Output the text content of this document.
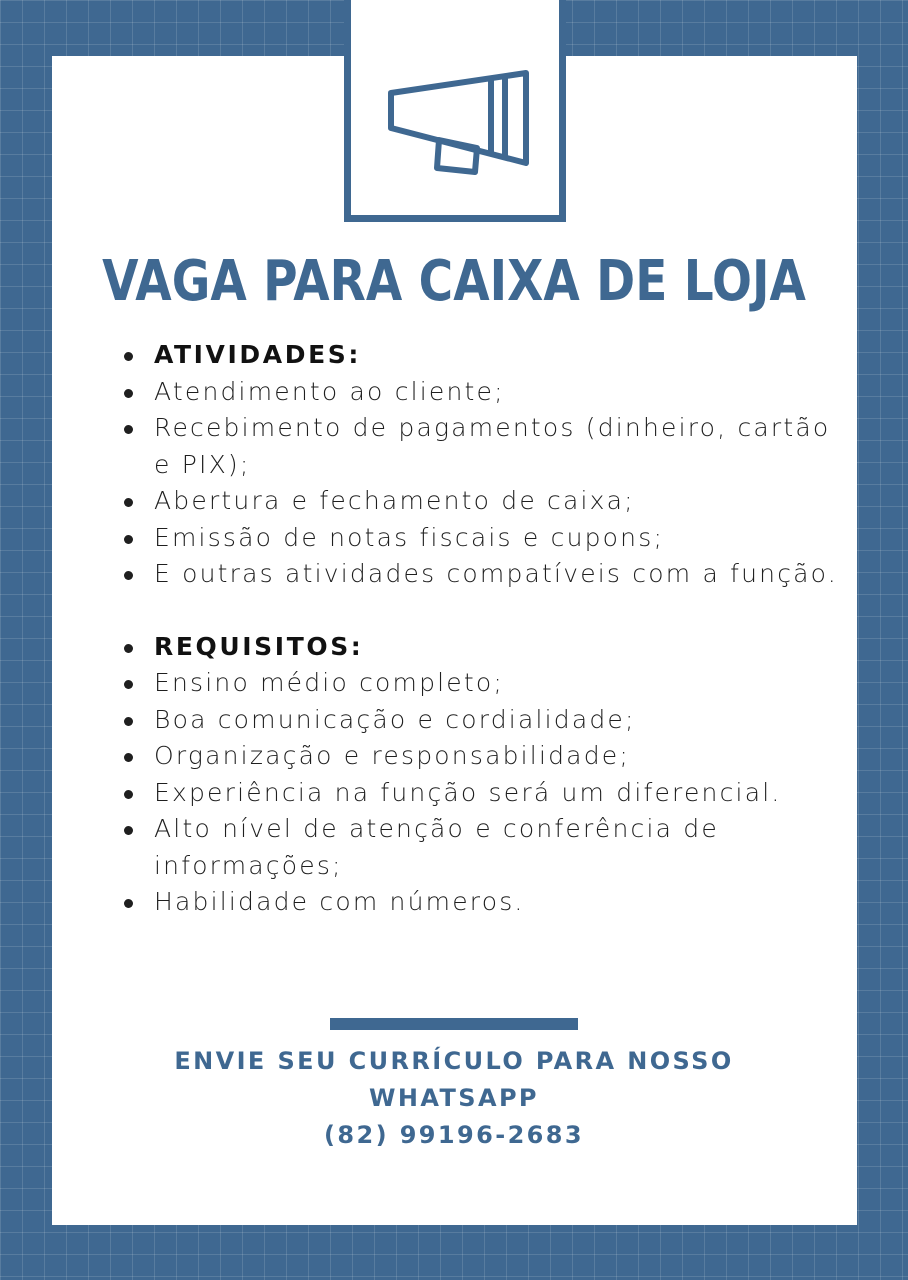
VAGA PARA CAIXA DE LOJA
ATIVIDADES:
Atendimento ao cliente;
Recebimento de pagamentos (dinheiro, cartão e PIX);
Abertura e fechamento de caixa;
Emissão de notas fiscais e cupons;
E outras atividades compatíveis com a função.
REQUISITOS:
Ensino médio completo;
Boa comunicação e cordialidade;
Organização e responsabilidade;
Experiência na função será um diferencial.
Alto nível de atenção e conferência de informações;
Habilidade com números.
ENVIE SEU CURRÍCULO PARA NOSSO
WHATSAPP
(82) 99196-2683
